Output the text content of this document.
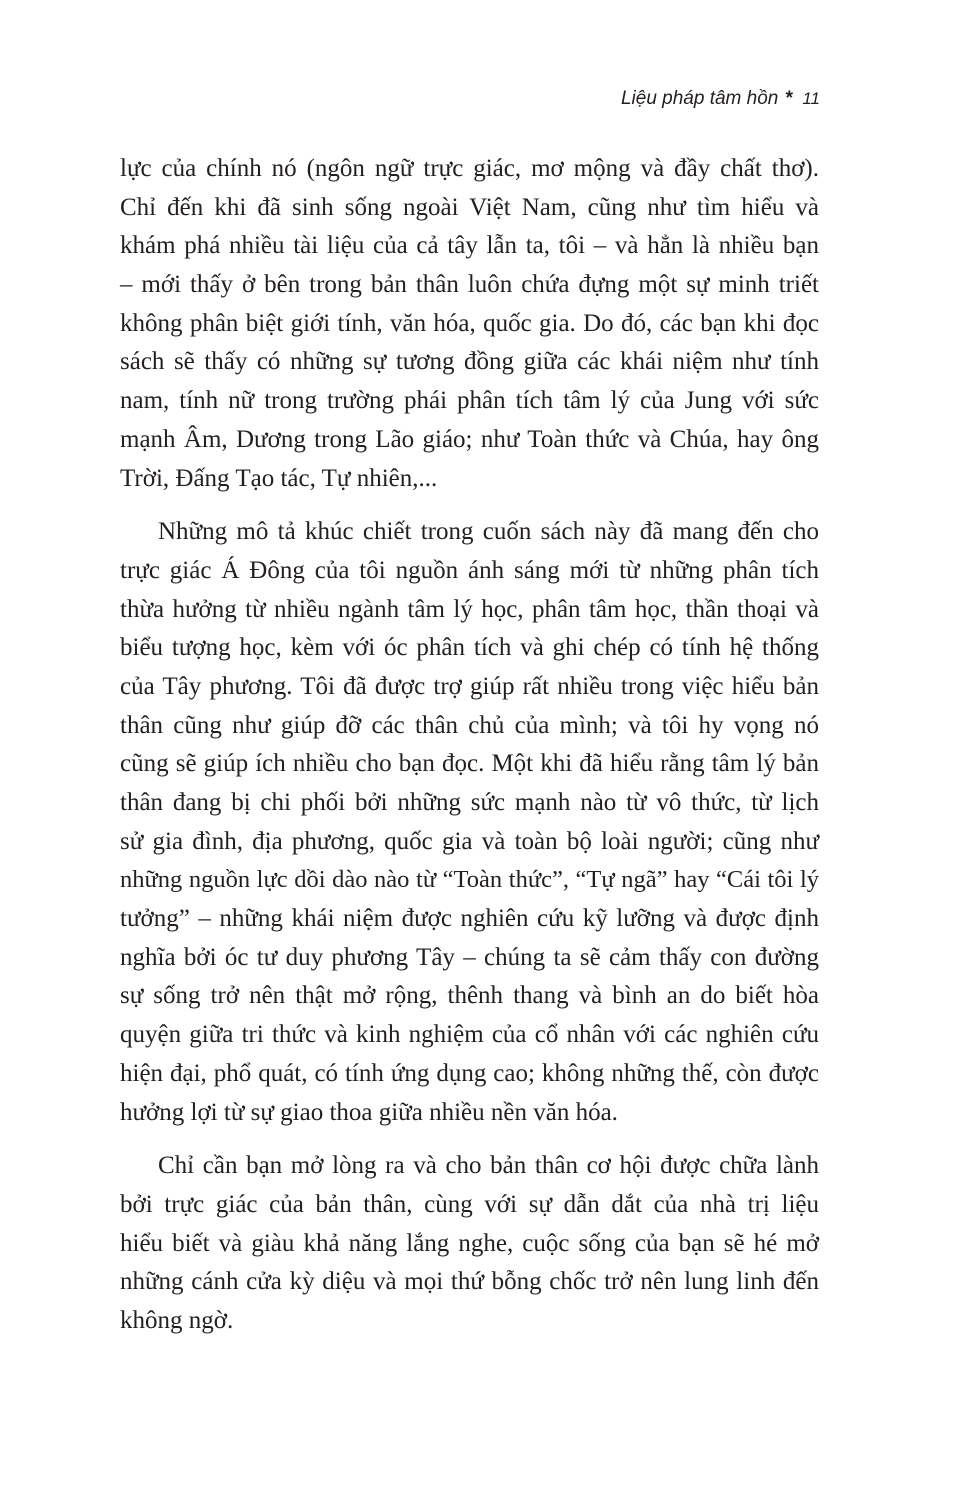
Liệu pháp tâm hồn * 11
lực của chính nó (ngôn ngữ trực giác, mơ mộng và đầy chất thơ).
Chỉ đến khi đã sinh sống ngoài Việt Nam, cũng như tìm hiểu và
khám phá nhiều tài liệu của cả tây lẫn ta, tôi – và hẳn là nhiều bạn
– mới thấy ở bên trong bản thân luôn chứa đựng một sự minh triết
không phân biệt giới tính, văn hóa, quốc gia. Do đó, các bạn khi đọc
sách sẽ thấy có những sự tương đồng giữa các khái niệm như tính
nam, tính nữ trong trường phái phân tích tâm lý của Jung với sức
mạnh Âm, Dương trong Lão giáo; như Toàn thức và Chúa, hay ông
Trời, Đấng Tạo tác, Tự nhiên,...
Những mô tả khúc chiết trong cuốn sách này đã mang đến cho
trực giác Á Đông của tôi nguồn ánh sáng mới từ những phân tích
thừa hưởng từ nhiều ngành tâm lý học, phân tâm học, thần thoại và
biểu tượng học, kèm với óc phân tích và ghi chép có tính hệ thống
của Tây phương. Tôi đã được trợ giúp rất nhiều trong việc hiểu bản
thân cũng như giúp đỡ các thân chủ của mình; và tôi hy vọng nó
cũng sẽ giúp ích nhiều cho bạn đọc. Một khi đã hiểu rằng tâm lý bản
thân đang bị chi phối bởi những sức mạnh nào từ vô thức, từ lịch
sử gia đình, địa phương, quốc gia và toàn bộ loài người; cũng như
những nguồn lực dồi dào nào từ “Toàn thức”, “Tự ngã” hay “Cái tôi lý
tưởng” – những khái niệm được nghiên cứu kỹ lưỡng và được định
nghĩa bởi óc tư duy phương Tây – chúng ta sẽ cảm thấy con đường
sự sống trở nên thật mở rộng, thênh thang và bình an do biết hòa
quyện giữa tri thức và kinh nghiệm của cổ nhân với các nghiên cứu
hiện đại, phổ quát, có tính ứng dụng cao; không những thế, còn được
hưởng lợi từ sự giao thoa giữa nhiều nền văn hóa.
Chỉ cần bạn mở lòng ra và cho bản thân cơ hội được chữa lành
bởi trực giác của bản thân, cùng với sự dẫn dắt của nhà trị liệu
hiểu biết và giàu khả năng lắng nghe, cuộc sống của bạn sẽ hé mở
những cánh cửa kỳ diệu và mọi thứ bỗng chốc trở nên lung linh đến
không ngờ.
